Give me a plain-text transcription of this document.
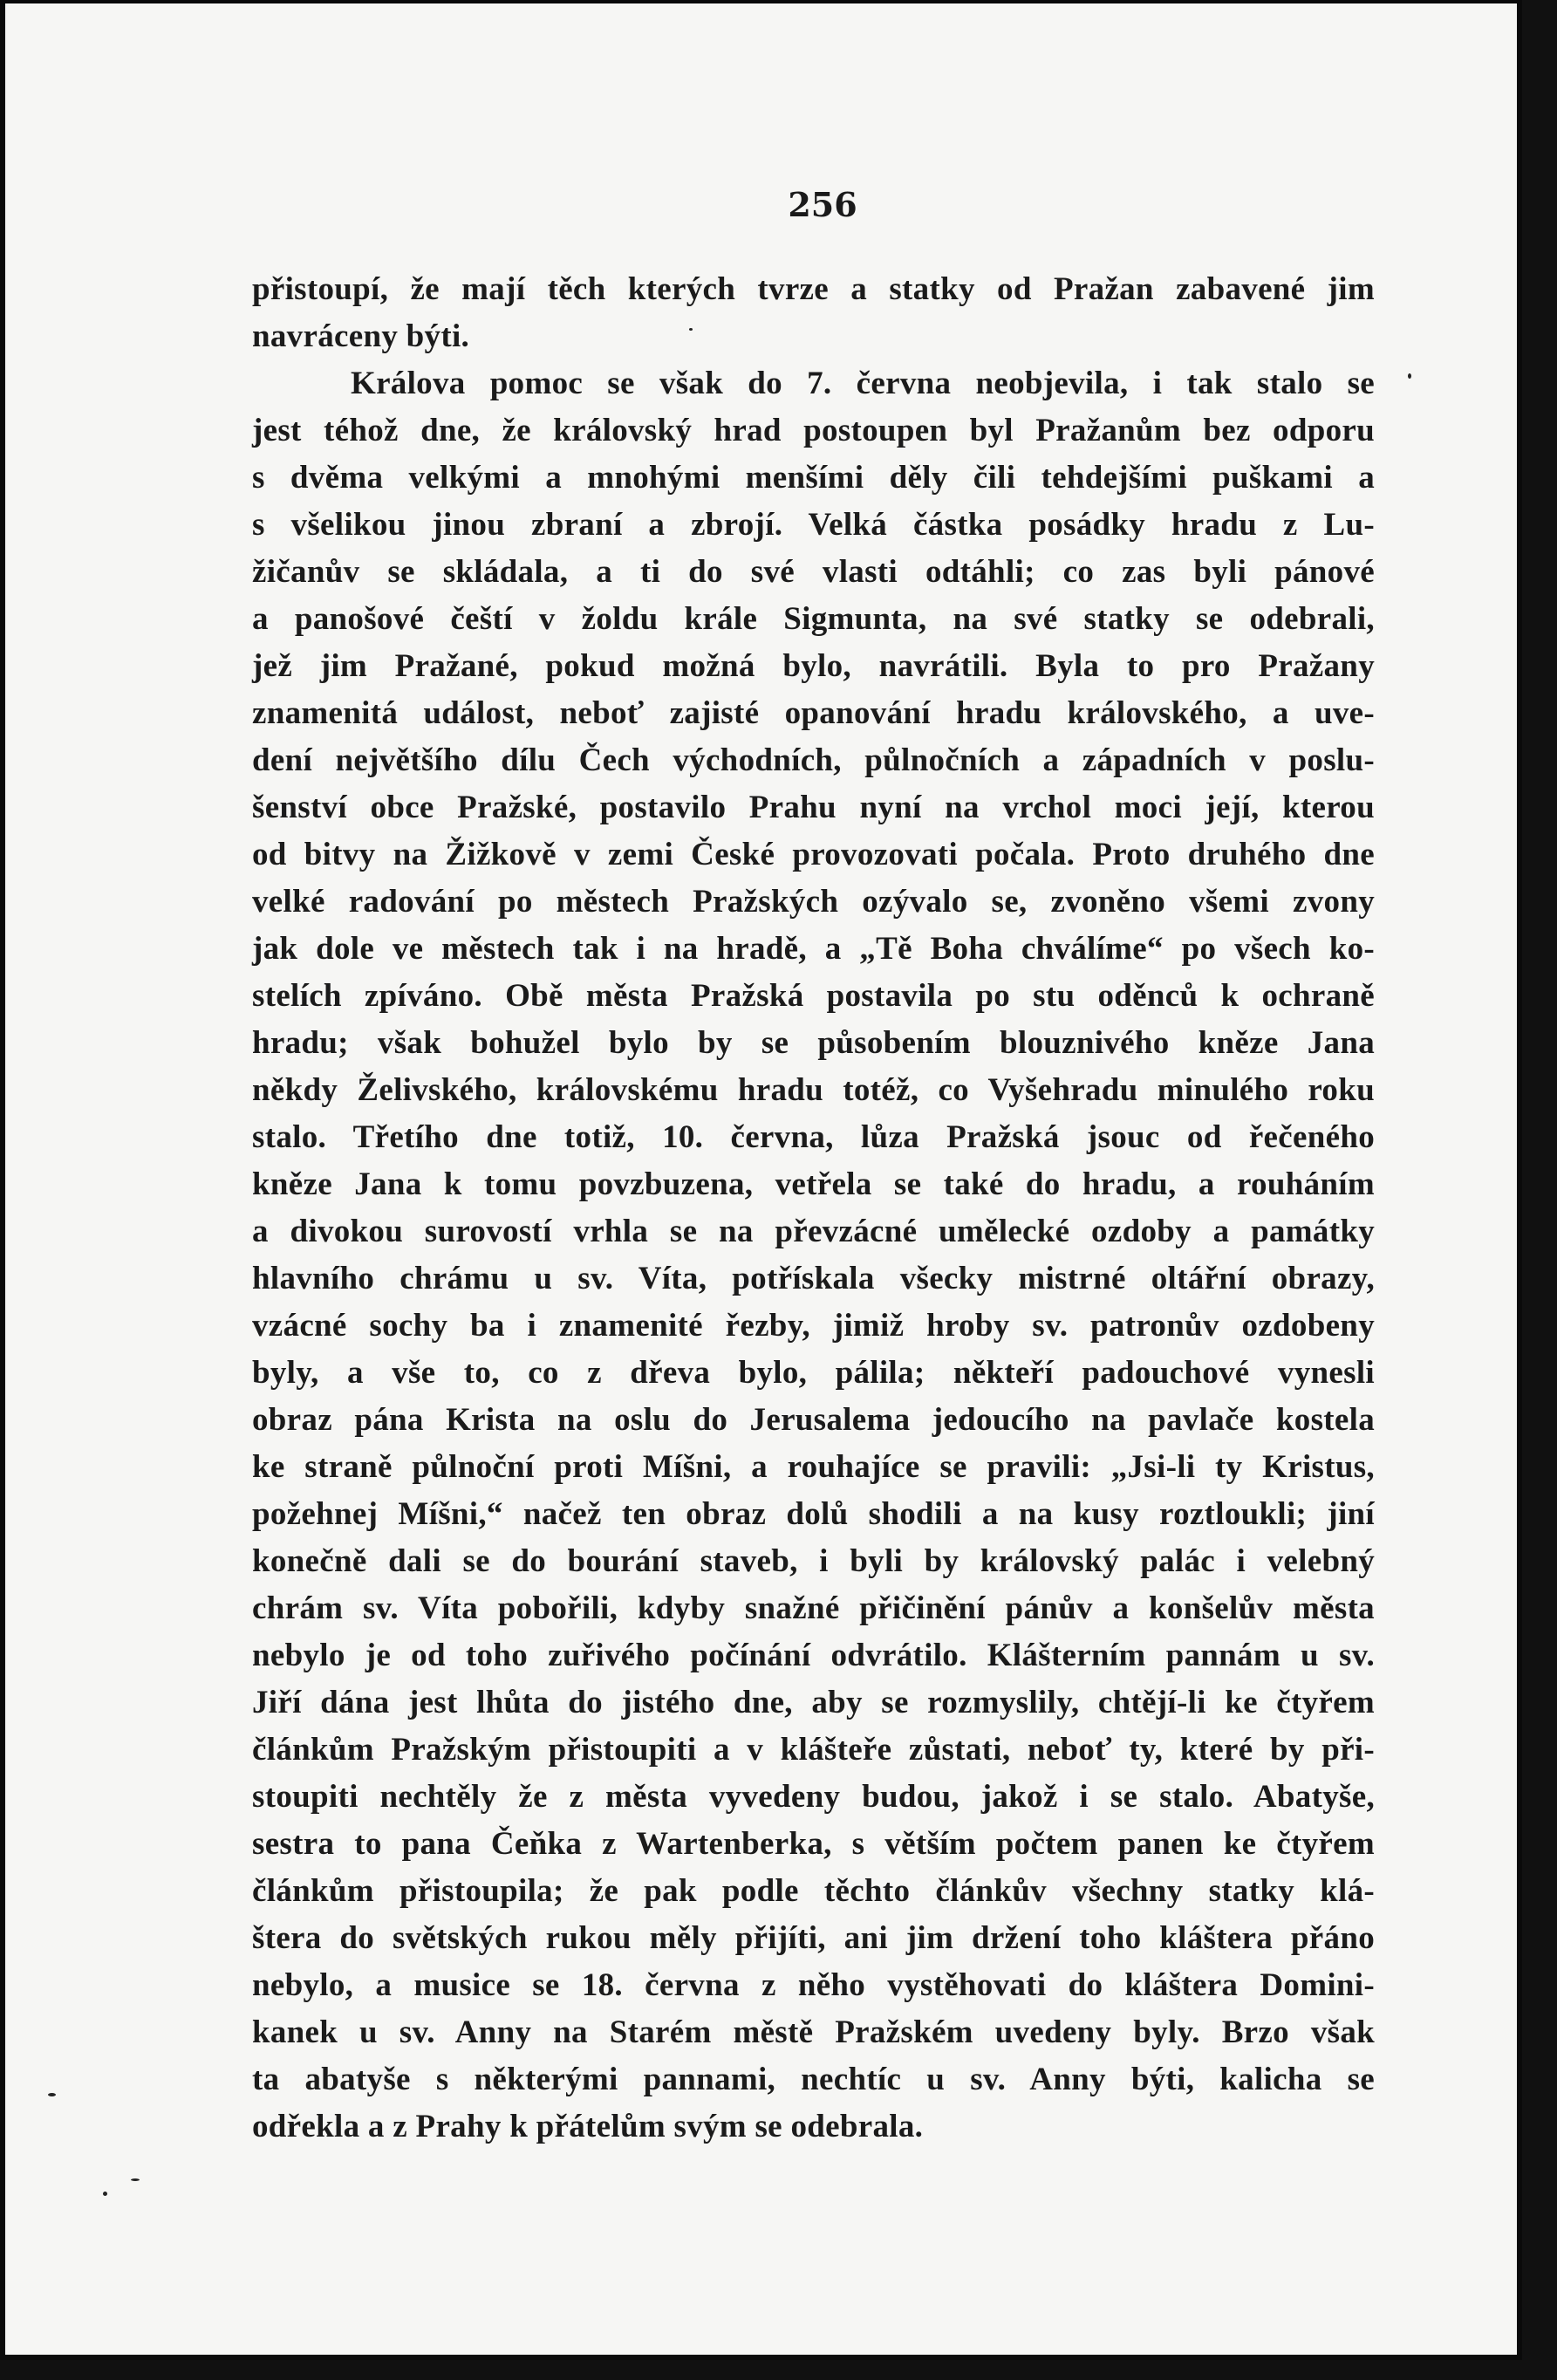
256
přistoupí, že mají těch kterých tvrze a statky od Pražan zabavené jim
navráceny býti.
Králova pomoc se však do 7. června neobjevila, i tak stalo se
jest téhož dne, že královský hrad postoupen byl Pražanům bez odporu
s dvěma velkými a mnohými menšími děly čili tehdejšími puškami a
s všelikou jinou zbraní a zbrojí. Velká částka posádky hradu z Lu-
žičanův se skládala, a ti do své vlasti odtáhli; co zas byli pánové
a panošové čeští v žoldu krále Sigmunta, na své statky se odebrali,
jež jim Pražané, pokud možná bylo, navrátili. Byla to pro Pražany
znamenitá událost, neboť zajisté opanování hradu královského, a uve-
dení největšího dílu Čech východních, půlnočních a západních v poslu-
šenství obce Pražské, postavilo Prahu nyní na vrchol moci její, kterou
od bitvy na Žižkově v zemi České provozovati počala. Proto druhého dne
velké radování po městech Pražských ozývalo se, zvoněno všemi zvony
jak dole ve městech tak i na hradě, a „Tě Boha chválíme“ po všech ko-
stelích zpíváno. Obě města Pražská postavila po stu oděnců k ochraně
hradu; však bohužel bylo by se působením blouznivého kněze Jana
někdy Želivského, královskému hradu totéž, co Vyšehradu minulého roku
stalo. Třetího dne totiž, 10. června, lůza Pražská jsouc od řečeného
kněze Jana k tomu povzbuzena, vetřela se také do hradu, a rouháním
a divokou surovostí vrhla se na převzácné umělecké ozdoby a památky
hlavního chrámu u sv. Víta, potřískala všecky mistrné oltářní obrazy,
vzácné sochy ba i znamenité řezby, jimiž hroby sv. patronův ozdobeny
byly, a vše to, co z dřeva bylo, pálila; někteří padouchové vynesli
obraz pána Krista na oslu do Jerusalema jedoucího na pavlače kostela
ke straně půlnoční proti Míšni, a rouhajíce se pravili: „Jsi-li ty Kristus,
požehnej Míšni,“ načež ten obraz dolů shodili a na kusy roztloukli; jiní
konečně dali se do bourání staveb, i byli by královský palác i velebný
chrám sv. Víta pobořili, kdyby snažné přičinění pánův a konšelův města
nebylo je od toho zuřivého počínání odvrátilo. Klášterním pannám u sv.
Jiří dána jest lhůta do jistého dne, aby se rozmyslily, chtějí-li ke čtyřem
článkům Pražským přistoupiti a v klášteře zůstati, neboť ty, které by při-
stoupiti nechtěly že z města vyvedeny budou, jakož i se stalo. Abatyše,
sestra to pana Čeňka z Wartenberka, s větším počtem panen ke čtyřem
článkům přistoupila; že pak podle těchto článkův všechny statky klá-
štera do světských rukou měly přijíti, ani jim držení toho kláštera přáno
nebylo, a musice se 18. června z něho vystěhovati do kláštera Domini-
kanek u sv. Anny na Starém městě Pražském uvedeny byly. Brzo však
ta abatyše s některými pannami, nechtíc u sv. Anny býti, kalicha se
odřekla a z Prahy k přátelům svým se odebrala.
